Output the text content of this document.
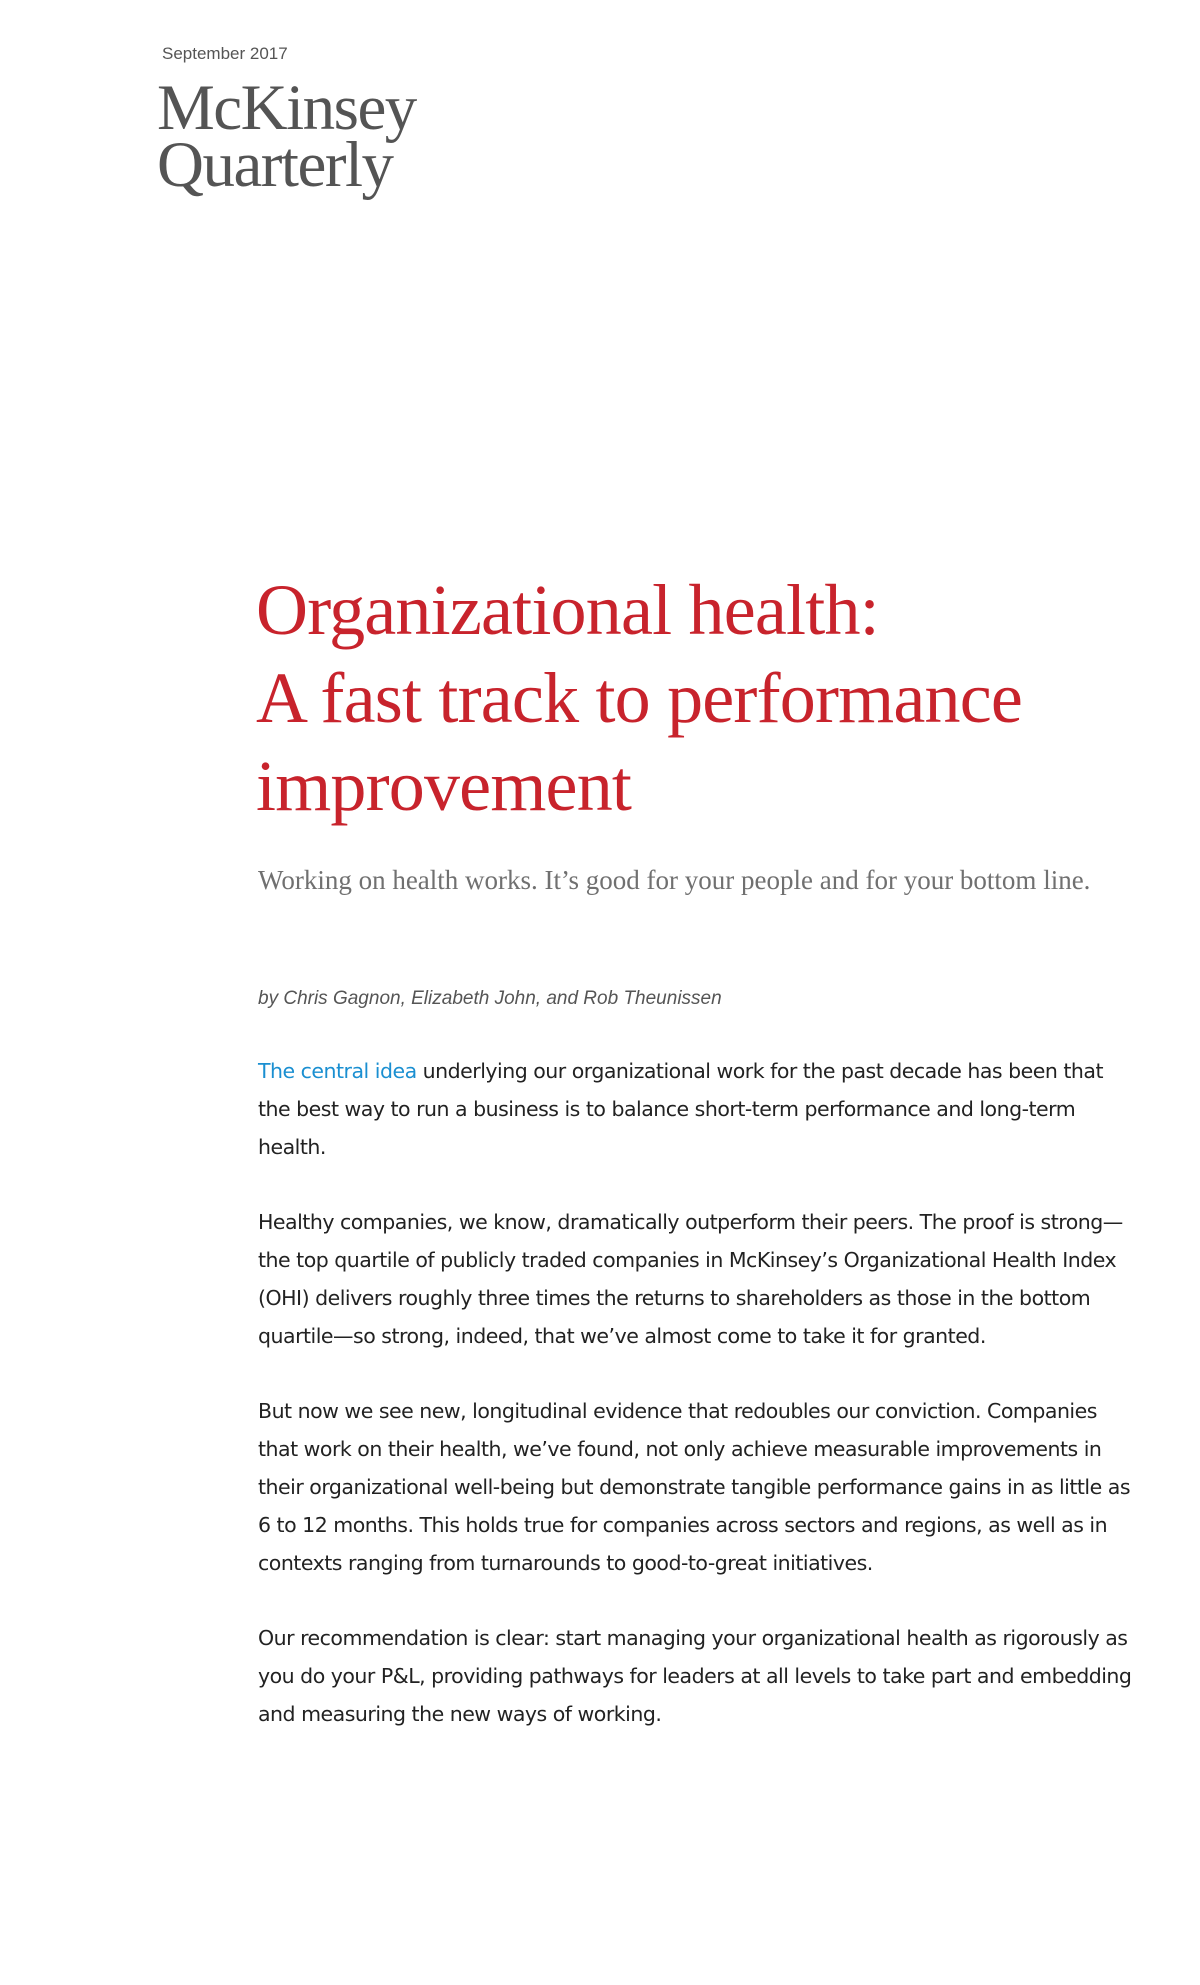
September 2017

McKinsey
Quarterly
Organizational health:
A fast track to performance
improvement

Working on health works. It’s good for your people and for your bottom line.

by Chris Gagnon, Elizabeth John, and Rob Theunissen

The central idea underlying our organizational work for the past decade has been that the best way to run a business is to balance short-term performance and long-term health.

Healthy companies, we know, dramatically outperform their peers. The proof is strong—the top quartile of publicly traded companies in McKinsey’s Organizational Health Index (OHI) delivers roughly three times the returns to shareholders as those in the bottom quartile—so strong, indeed, that we’ve almost come to take it for granted.

But now we see new, longitudinal evidence that redoubles our conviction. Companies that work on their health, we’ve found, not only achieve measurable improvements in their organizational well-being but demonstrate tangible performance gains in as little as 6 to 12 months. This holds true for companies across sectors and regions, as well as in contexts ranging from turnarounds to good-to-great initiatives.

Our recommendation is clear: start managing your organizational health as rigorously as you do your P&L, providing pathways for leaders at all levels to take part and embedding and measuring the new ways of working.
